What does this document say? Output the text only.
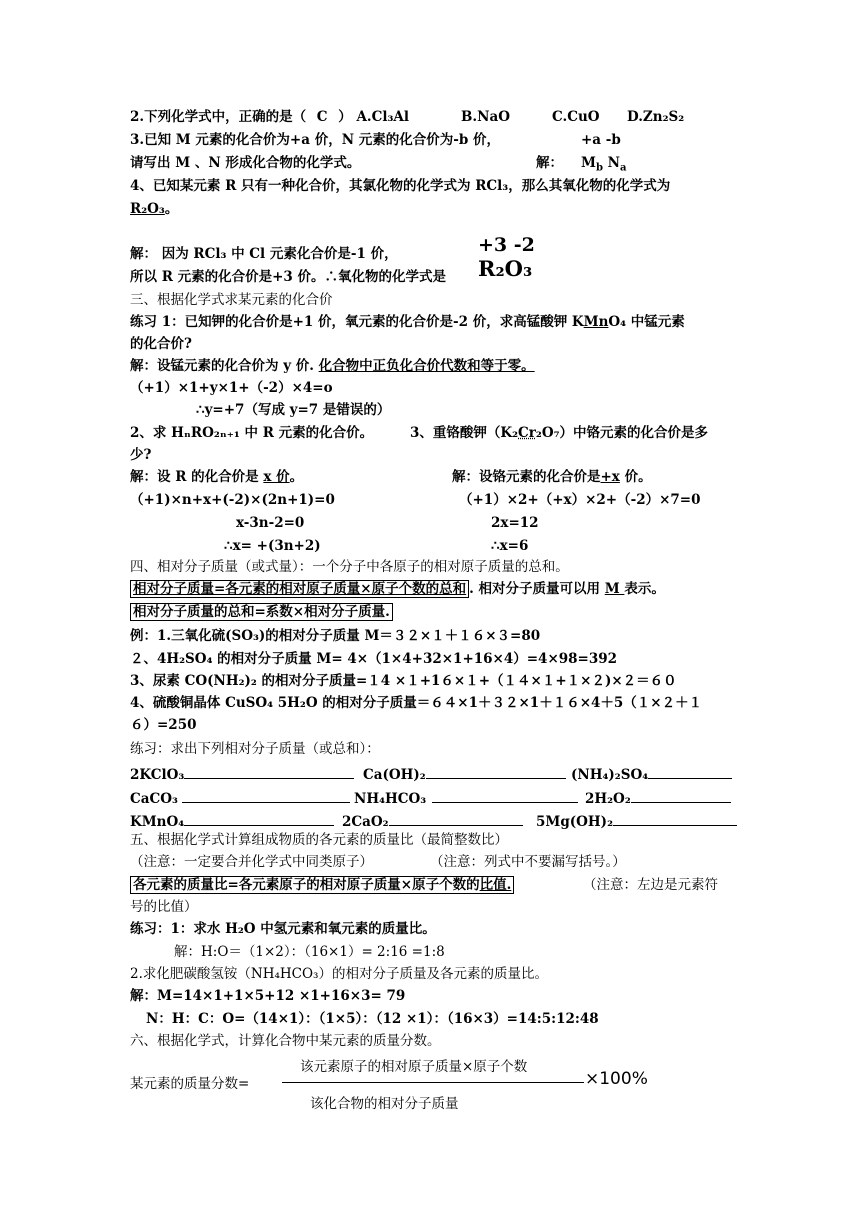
2.下列化学式中，正确的是（ C ） A.Cl₃Al	B.NaO	C.CuO D.Zn₂S₂
3.已知 M 元素的化合价为+a 价，N 元素的化合价为-b 价，	+a -b
请写出 M 、N 形成化合物的化学式。	解： $M_b$ $N_a$
4、已知某元素 R 只有一种化合价，其氯化物的化学式为 RCl₃，那么其氧化物的化学式为
R₂O₃。
解： 因为 RCl₃ 中 Cl 元素化合价是-1 价，	+3 -2
所以 R 元素的化合价是+3 价。∴氧化物的化学式是 R₂O₃
三、根据化学式求某元素的化合价
练习 1：已知钾的化合价是+1 价，氧元素的化合价是-2 价，求高锰酸钾 KMnO₄ 中锰元素
的化合价?
解：设锰元素的化合价为 y 价. 化合物中正负化合价代数和等于零。
（+1）×1+y×1+（-2）×4=o
∴y=+7（写成 y=7 是错误的）
2、求 HₙRO₂ₙ₊₁ 中 R 元素的化合价。	3、重铬酸钾（K₂Cr₂O₇）中铬元素的化合价是多
少?
解：设 R 的化合价是 x 价。	解：设铬元素的化合价是+x 价。
（+1)×n+x+(-2)×(2n+1)=0	（+1）×2+（+x）×2+（-2）×7=0
x-3n-2=0	2x=12
∴x= +(3n+2)	∴x=6
四、相对分子质量（或式量）：一个分子中各原子的相对原子质量的总和。
相对分子质量=各元素的相对原子质量×原子个数的总和 . 相对分子质量可以用 M 表示。
相对分子质量的总和=系数×相对分子质量.
例：1.三氧化硫(SO₃)的相对分子质量 M＝３２×１＋１６×３=80
２、4H₂SO₄ 的相对分子质量 M= 4×（1×4+32×1+16×4）=4×98=392
3、尿素 CO(NH₂)₂ 的相对分子质量=１4 ×１+1６×１+（１４×１+１×２)×２＝６０
4、硫酸铜晶体 CuSO₄ 5H₂O 的相对分子质量＝６４×1＋３２×1＋１６×4＋5（１×２＋１
６）=250
练习：求出下列相对分子质量（或总和）：
2KClO₃	Ca(OH)₂	(NH₄)₂SO₄
CaCO₃	NH₄HCO₃	2H₂O₂
KMnO₄	2CaO₂	5Mg(OH)₂
五、根据化学式计算组成物质的各元素的质量比（最简整数比）
（注意：一定要合并化学式中同类原子）	（注意：列式中不要漏写括号。）
各元素的质量比=各元素原子的相对原子质量×原子个数的比值.	（注意：左边是元素符
号的比值）
练习：1：求水 H₂O 中氢元素和氧元素的质量比。
解：H:O＝（1×2）：（16×1）= 2:16 =1:8
2.求化肥碳酸氢铵（NH₄HCO₃）的相对分子质量及各元素的质量比。
解：M=14×1+1×5+12 ×1+16×3= 79
N：H：C：O=（14×1）：（1×5）：（12 ×1）：（16×3）=14:5:12:48
六、根据化学式，计算化合物中某元素的质量分数。
该元素原子的相对原子质量×原子个数
某元素的质量分数=	×100%
该化合物的相对分子质量
